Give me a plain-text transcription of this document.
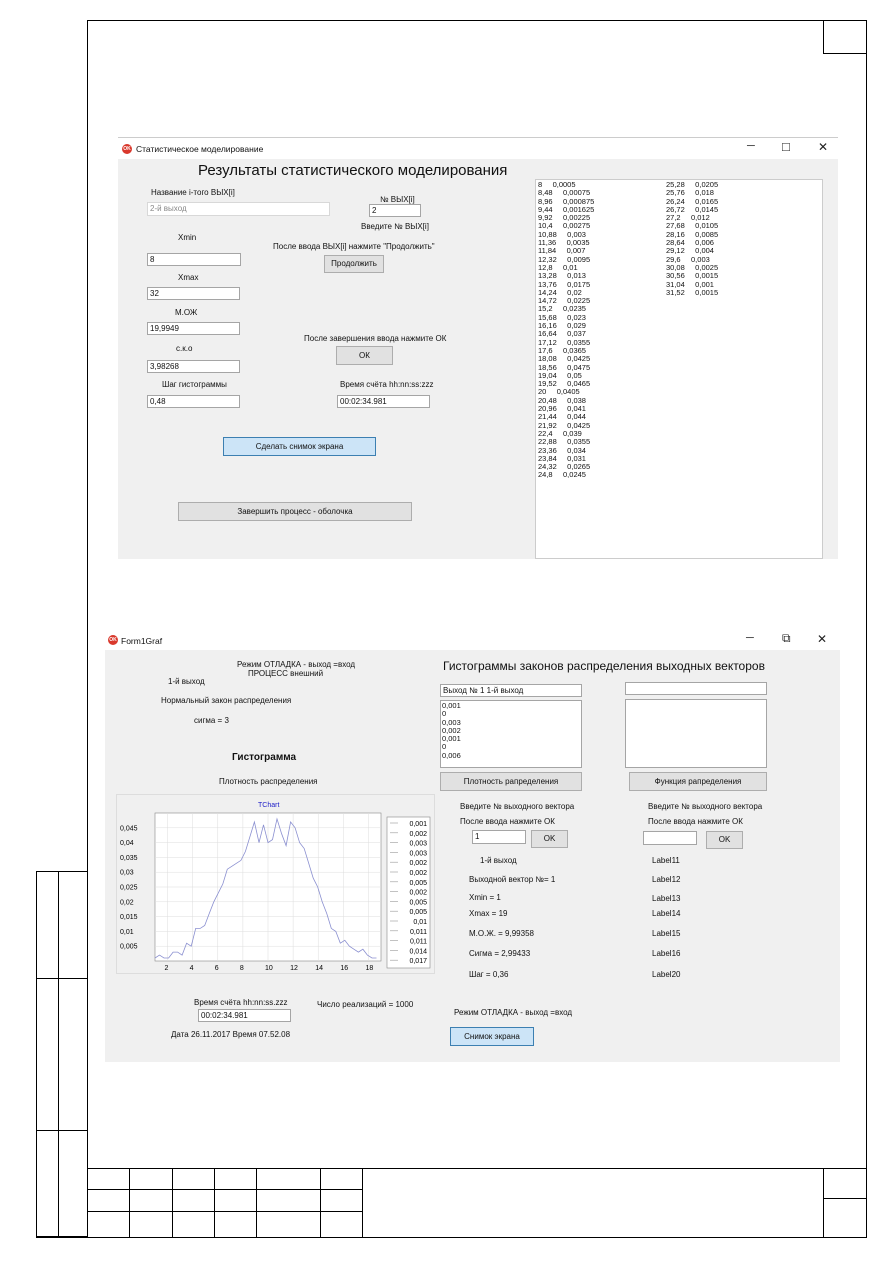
OK Статистическое моделирование	─ □ ✕
Результаты статистического моделирования
Название i-того ВЫХ[i]
2-й выход
№ ВЫХ[i]
2
Введите № ВЫХ[i]
Xmin
После ввода ВЫХ[i] нажмите "Продолжить"
Продолжить
8
Xmax
32
М.ОЖ
19,9949
После завершения ввода нажмите ОК
ОК
с.к.о
3,98268
Шаг гистограммы
0,48
Время счёта hh:nn:ss:zzz
00:02:34.981
Сделать снимок экрана
Завершить процесс - оболочка
8     0,0005
8,48     0,00075
8,96     0,000875
9,44     0,001625
9,92     0,00225
10,4     0,00275
10,88     0,003
11,36     0,0035
11,84     0,007
12,32     0,0095
12,8     0,01
13,28     0,013
13,76     0,0175
14,24     0,02
14,72     0,0225
15,2     0,0235
15,68     0,023
16,16     0,029
16,64     0,037
17,12     0,0355
17,6     0,0365
18,08     0,0425
18,56     0,0475
19,04     0,05
19,52     0,0465
20     0,0405
20,48     0,038
20,96     0,041
21,44     0,044
21,92     0,0425
22,4     0,039
22,88     0,0355
23,36     0,034
23,84     0,031
24,32     0,0265
24,8     0,0245
25,28     0,0205
25,76     0,018
26,24     0,0165
26,72     0,0145
27,2     0,012
27,68     0,0105
28,16     0,0085
28,64     0,006
29,12     0,004
29,6     0,003
30,08     0,0025
30,56     0,0015
31,04     0,001
31,52     0,0015
OK Form1Graf	─ ⧉ ✕
Режим ОТЛАДКА - выход =вход
ПРОЦЕСС внешний
1-й выход
Гистограммы законов распределения выходных векторов
Нормальный закон распределения
сигма = 3
Гистограмма
Плотность распределения
Выход № 1 1-й выход
0,001
0
0,003
0,002
0,001
0
0,006
Плотность рапределения	Функция рапределения
TChart
2	4	6	8	10 12 14 16 18
0,005
0,01
0,015
0,02
0,025
0,03
0,035
0,04
0,045
0,001
0,002
0,003
0,003
0,002
0,002
0,005
0,002
0,005
0,005
0,01
0,011
0,011
0,014
0,017
Введите № выходного вектора
После ввода нажмите ОК
1	OK
Введите № выходного вектора
После ввода нажмите ОК
OK
1-й выход
Выходной вектор №= 1
Xmin = 1
Xmax = 19
М.О.Ж. = 9,99358
Сигма = 2,99433
Шаг = 0,36
Label11
Label12
Label13
Label14
Label15
Label16
Label20
Время счёта hh:nn:ss.zzz
00:02:34.981
Число реализаций = 1000
Режим ОТЛАДКА - выход =вход
Дата 26.11.2017 Время 07.52.08	Снимок экрана
